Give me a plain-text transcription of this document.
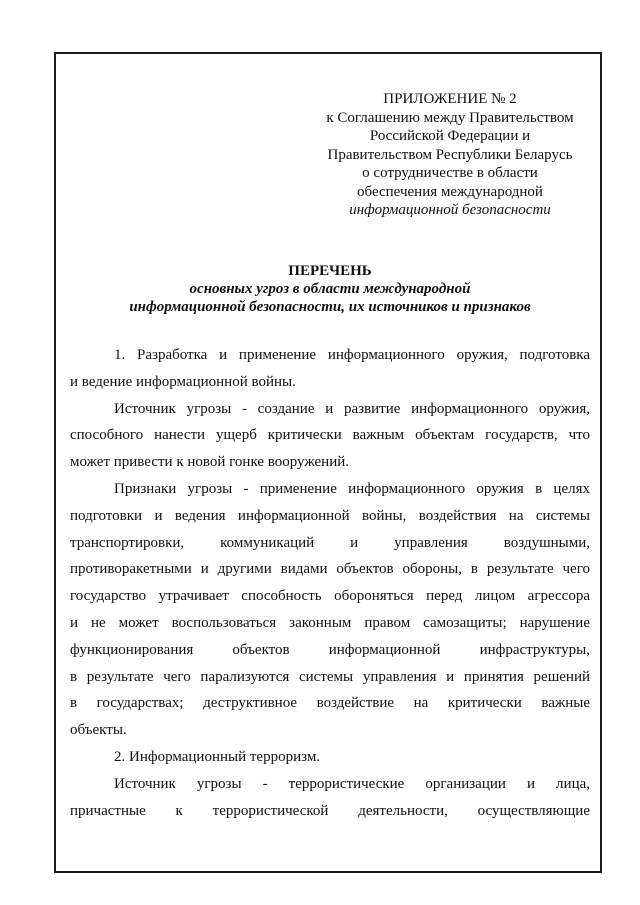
ПРИЛОЖЕНИЕ № 2
к Соглашению между Правительством
Российской Федерации и
Правительством Республики Беларусь
о сотрудничестве в области
обеспечения международной
информационной безопасности
ПЕРЕЧЕНЬ
основных угроз в области международной
информационной безопасности, их источников и признаков
1. Разработка и применение информационного оружия, подготовка
и ведение информационной войны.
Источник угрозы - создание и развитие информационного оружия,
способного нанести ущерб критически важным объектам государств, что
может привести к новой гонке вооружений.
Признаки угрозы - применение информационного оружия в целях
подготовки и ведения информационной войны, воздействия на системы
транспортировки, коммуникаций и управления воздушными,
противоракетными и другими видами объектов обороны, в результате чего
государство утрачивает способность обороняться перед лицом агрессора
и не может воспользоваться законным правом самозащиты; нарушение
функционирования объектов информационной инфраструктуры,
в результате чего парализуются системы управления и принятия решений
в государствах; деструктивное воздействие на критически важные
объекты.
2. Информационный терроризм.
Источник угрозы - террористические организации и лица,
причастные к террористической деятельности, осуществляющие
